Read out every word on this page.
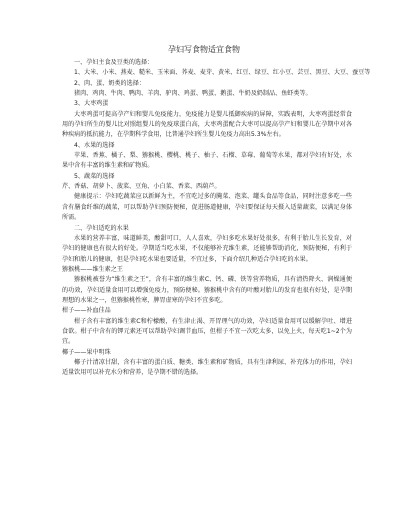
孕妇写食物适宜食物
一、孕妇主食及豆类的选择：
1、大米、小米、燕麦、糙米、玉米面、荞麦、麦芽、黄米、红豆、绿豆、红小豆、芸豆、黑豆、大豆、蚕豆等
2、肉、蛋、奶类的选择：
猪肉、鸡肉、牛肉、鸭肉、羊肉、驴肉、鸡蛋、鸭蛋、鹅蛋、牛奶及奶制品、鱼虾类等。
3、大枣鸡蛋
大枣鸡蛋可提高孕产妇和婴儿免疫能力，免疫能力是婴儿抵御疾病的屏障，实践表明，大枣鸡蛋经常食用的孕妇所生的婴儿比对照组婴儿的免疫球蛋白高，大枣鸡蛋配合大枣可以提高孕产妇和婴儿在孕期中对各种疾病的抵抗能力，在孕期科学食用，比普通孕妇所生婴儿免疫力高出5.3%左右。
4、水果的选择
苹果、香蕉、橘子、梨、猕猴桃、樱桃、桃子、柚子、石榴、草莓、葡萄等水果，都对孕妇有好处，水果中含有丰富的维生素和矿物质。
5、蔬菜的选择
芹、香菇、胡萝卜、菠菜、豆角、小白菜、香菜、西葫芦。
健康提示：孕妇吃蔬菜应以新鲜为主，不宜吃过多的腌菜、泡菜、罐头食品等食品，同时注意多吃一些含有膳食纤维的蔬菜，可以帮助孕妇预防便秘，促进肠道健康，孕妇要保证每天摄入适量蔬菜，以满足身体所需。
二、孕妇适吃的水果
水果的营养丰富，味道鲜美，酸甜可口，人人喜欢，孕妇多吃水果好处很多，有利于胎儿生长发育，对孕妇的健康也有很大的好处。孕期适当吃水果，不仅能够补充维生素，还能够帮助消化，预防便秘，有利于孕妇和胎儿的健康，但是孕妇吃水果也要适量，不宜过多，下面介绍几种适合孕妇吃的水果。
猕猴桃——维生素之王
猕猴桃被誉为“维生素之王”，含有丰富的维生素C、钙、磷、铁等营养物质，具有清热降火、润燥通便的功效，孕妇适量食用可以增强免疫力，预防便秘。猕猴桃中含有的叶酸对胎儿的发育也很有好处，是孕期理想的水果之一，但猕猴桃性寒，脾胃虚寒的孕妇不宜多吃。
柑子——补血佳品
柑子含有丰富的维生素C和柠檬酸，有生津止渴、开胃理气的功效，孕妇适量食用可以缓解孕吐、增进食欲。柑子中含有的钾元素还可以帮助孕妇调节血压，但柑子不宜一次吃太多，以免上火，每天吃1~2个为宜。
椰子——果中明珠
椰子汁清凉甘甜，含有丰富的蛋白质、糖类、维生素和矿物质，具有生津利尿、补充体力的作用，孕妇适量饮用可以补充水分和营养，是孕期不错的选择。
